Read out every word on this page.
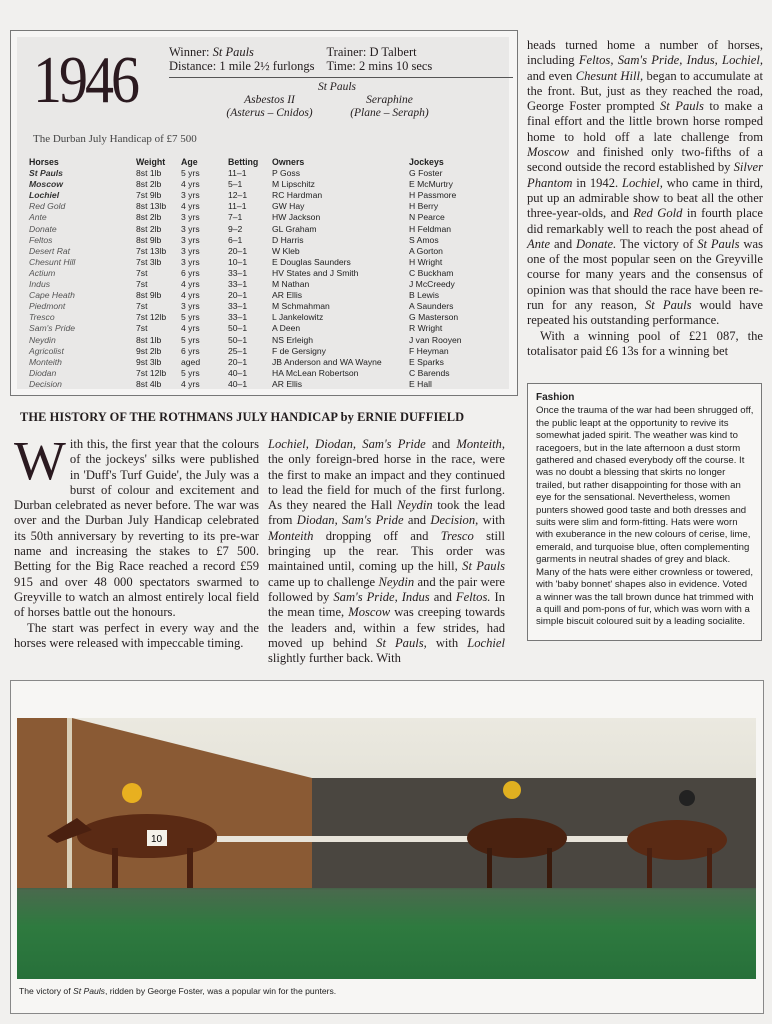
1946	Winner: St Pauls	Trainer: D Talbert
Distance: 1 mile 2½ furlongs Time: 2 mins 10 secs
St Pauls
Asbestos II
(Asterus – Cnidos)
Seraphine
(Plane – Seraph)
The Durban July Handicap of £7 500
Horses	Weight	Age	Betting	Owners	Jockeys
St Pauls	8st 1lb	5 yrs	11–1	P Goss	G Foster
Moscow	8st 2lb	4 yrs	5–1	M Lipschitz	E McMurtry
Lochiel	7st 9lb	3 yrs	12–1	RC Hardman	H Passmore
Red Gold	8st 13lb	4 yrs	11–1	GW Hay	H Berry
Ante	8st 2lb	3 yrs	7–1	HW Jackson	N Pearce
Donate	8st 2lb	3 yrs	9–2	GL Graham	H Feldman
Feltos	8st 9lb	3 yrs	6–1	D Harris	S Amos
Desert Rat	7st 13lb	3 yrs	20–1	W Kleb	A Gorton
Chesunt Hill	7st 3lb	3 yrs	10–1	E Douglas Saunders	H Wright
Actium	7st	6 yrs	33–1	HV States and J Smith	C Buckham
Indus	7st	4 yrs	33–1	M Nathan	J McCreedy
Cape Heath	8st 9lb	4 yrs	20–1	AR Ellis	B Lewis
Piedmont	7st	3 yrs	33–1	M Schmahman	A Saunders
Tresco	7st 12lb	5 yrs	33–1	L Jankelowitz	G Masterson
Sam's Pride	7st	4 yrs	50–1	A Deen	R Wright
Neydin	8st 1lb	5 yrs	50–1	NS Erleigh	J van Rooyen
Agricolist	9st 2lb	6 yrs	25–1	F de Gersigny	F Heyman
Monteith	9st 3lb	aged	20–1	JB Anderson and WA Wayne	E Sparks
Diodan	7st 12lb	5 yrs	40–1	HA McLean Robertson	C Barends
Decision	8st 4lb	4 yrs	40–1	AR Ellis	E Hall

heads turned home a number of horses, including Feltos, Sam's Pride, Indus, Lochiel, and even Chesunt Hill, began to accumulate at the front. But, just as they reached the road, George Foster prompted St Pauls to make a final effort and the little brown horse romped home to hold off a late challenge from Moscow and finished only two-fifths of a second outside the record established by Silver Phantom in 1942. Lochiel, who came in third, put up an admirable show to beat all the other three-year-olds, and Red Gold in fourth place did remarkably well to reach the post ahead of Ante and Donate. The victory of St Pauls was one of the most popular seen on the Greyville course for many years and the consensus of opinion was that should the race have been re-run for any reason, St Pauls would have repeated his outstanding performance.

With a winning pool of £21 087, the totalisator paid £6 13s for a winning bet

Fashion

Once the trauma of the war had been shrugged off, the public leapt at the opportunity to revive its somewhat jaded spirit. The weather was kind to racegoers, but in the late afternoon a dust storm gathered and chased everybody off the course. It was no doubt a blessing that skirts no longer trailed, but rather disappointing for those with an eye for the sensational. Nevertheless, women punters showed good taste and both dresses and suits were slim and form-fitting. Hats were worn with exuberance in the new colours of cerise, lime, emerald, and turquoise blue, often complementing garments in neutral shades of grey and black. Many of the hats were either crownless or towered, with 'baby bonnet' shapes also in evidence. Voted a winner was the tall brown dunce hat trimmed with a quill and pom-pons of fur, which was worn with a simple biscuit coloured suit by a leading socialite.

THE HISTORY OF THE ROTHMANS JULY HANDICAP by ERNIE DUFFIELD
W ith this, the first year that the colours of the jockeys' silks were published in 'Duff's Turf Guide', the July was a burst of colour and excitement and Durban celebrated as never before. The war was over and the Durban July Handicap celebrated its 50th anniversary by reverting to its pre-war name and increasing the stakes to £7 500. Betting for the Big Race reached a record £59 915 and over 48 000 spectators swarmed to Greyville to watch an almost entirely local field of horses battle out the honours.

The start was perfect in every way and the horses were released with impeccable timing.

Lochiel, Diodan, Sam's Pride and Monteith, the only foreign-bred horse in the race, were the first to make an impact and they continued to lead the field for much of the first furlong. As they neared the Hall Neydin took the lead from Diodan, Sam's Pride and Decision, with Monteith dropping off and Tresco still bringing up the rear. This order was maintained until, coming up the hill, St Pauls came up to challenge Neydin and the pair were followed by Sam's Pride, Indus and Feltos. In the mean time, Moscow was creeping towards the leaders and, within a few strides, had moved up behind St Pauls, with Lochiel slightly further back. With

10
The victory of St Pauls, ridden by George Foster, was a popular win for the punters.
